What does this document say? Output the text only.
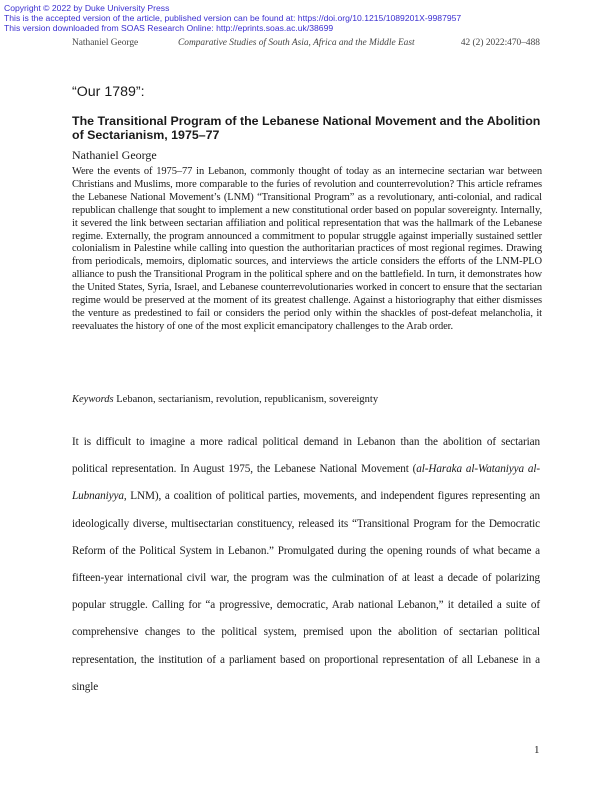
Copyright © 2022 by Duke University Press
This is the accepted version of the article, published version can be found at: https://doi.org/10.1215/1089201X-9987957
This version downloaded from SOAS Research Online: http://eprints.soas.ac.uk/38699
Nathaniel George	Comparative Studies of South Asia, Africa and the Middle East	42 (2) 2022:470–488
“Our 1789”:
The Transitional Program of the Lebanese National Movement and the Abolition of Sectarianism, 1975–77
Nathaniel George

Were the events of 1975–77 in Lebanon, commonly thought of today as an internecine sectarian war between Christians and Muslims, more comparable to the furies of revolution and counterrevolution? This article reframes the Lebanese National Movement’s (LNM) “Transitional Program” as a revolutionary, anti-colonial, and radical republican challenge that sought to implement a new constitutional order based on popular sovereignty. Internally, it severed the link between sectarian affiliation and political representation that was the hallmark of the Lebanese regime. Externally, the program announced a commitment to popular struggle against imperially sustained settler colonialism in Palestine while calling into question the authoritarian practices of most regional regimes. Drawing from periodicals, memoirs, diplomatic sources, and interviews the article considers the efforts of the LNM-PLO alliance to push the Transitional Program in the political sphere and on the battlefield. In turn, it demonstrates how the United States, Syria, Israel, and Lebanese counterrevolutionaries worked in concert to ensure that the sectarian regime would be preserved at the moment of its greatest challenge. Against a historiography that either dismisses the venture as predestined to fail or considers the period only within the shackles of post-defeat melancholia, it reevaluates the history of one of the most explicit emancipatory challenges to the Arab order.

Keywords Lebanon, sectarianism, revolution, republicanism, sovereignty

It is difficult to imagine a more radical political demand in Lebanon than the abolition of sectarian political representation. In August 1975, the Lebanese National Movement (al-Haraka al-Wataniyya al-Lubnaniyya, LNM), a coalition of political parties, movements, and independent figures representing an ideologically diverse, multisectarian constituency, released its “Transitional Program for the Democratic Reform of the Political System in Lebanon.” Promulgated during the opening rounds of what became a fifteen-year international civil war, the program was the culmination of at least a decade of polarizing popular struggle. Calling for “a progressive, democratic, Arab national Lebanon,” it detailed a suite of comprehensive changes to the political system, premised upon the abolition of sectarian political representation, the institution of a parliament based on proportional representation of all Lebanese in a single

1
